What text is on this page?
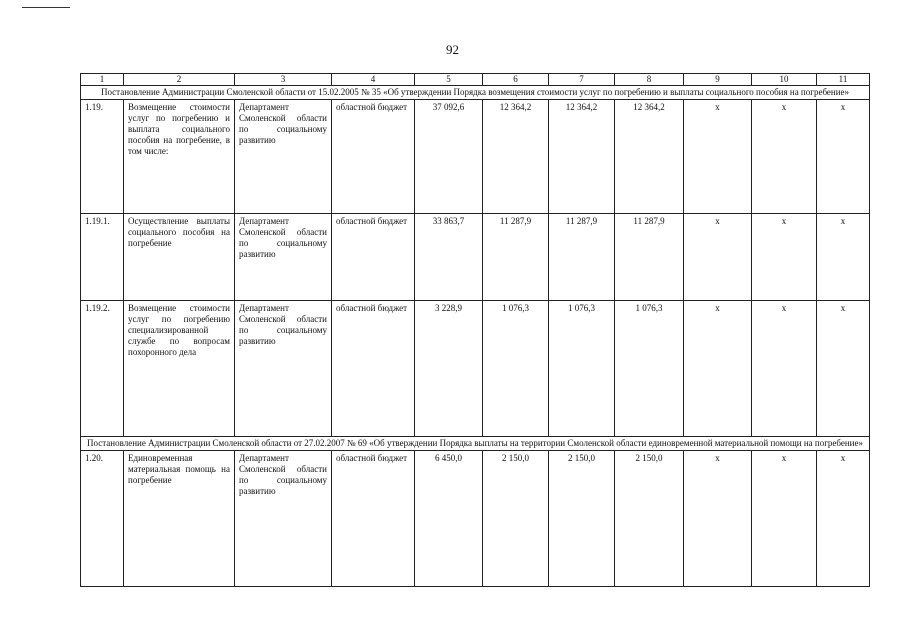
92
1	2	3	4	5	6	7	8	9	10	11
Постановление Администрации Смоленской области от 15.02.2005 № 35 «Об утверждении Порядка возмещения стоимости услуг по погребению и выплаты социального пособия на погребение»										
1.19.	Возмещение стоимости услуг по погребению и выплата социального пособия на погребение, в том числе:	Департамент Смоленской области по социальному развитию	областной бюджет	37 092,6	12 364,2	12 364,2	12 364,2	х	х	х
1.19.1.	Осуществление выплаты социального пособия на погребение	Департамент Смоленской области по социальному развитию	областной бюджет	33 863,7	11 287,9	11 287,9	11 287,9	х	х	х
1.19.2.	Возмещение стоимости услуг по погребению специализированной службе по вопросам похоронного дела	Департамент Смоленской области по социальному развитию	областной бюджет	3 228,9	1 076,3	1 076,3	1 076,3	х	х	х
Постановление Администрации Смоленской области от 27.02.2007 № 69 «Об утверждении Порядка выплаты на территории Смоленской области единовременной материальной помощи на погребение»										
1.20.	Единовременная материальная помощь на погребение	Департамент Смоленской области по социальному развитию	областной бюджет	6 450,0	2 150,0	2 150,0	2 150,0	х	х	х
